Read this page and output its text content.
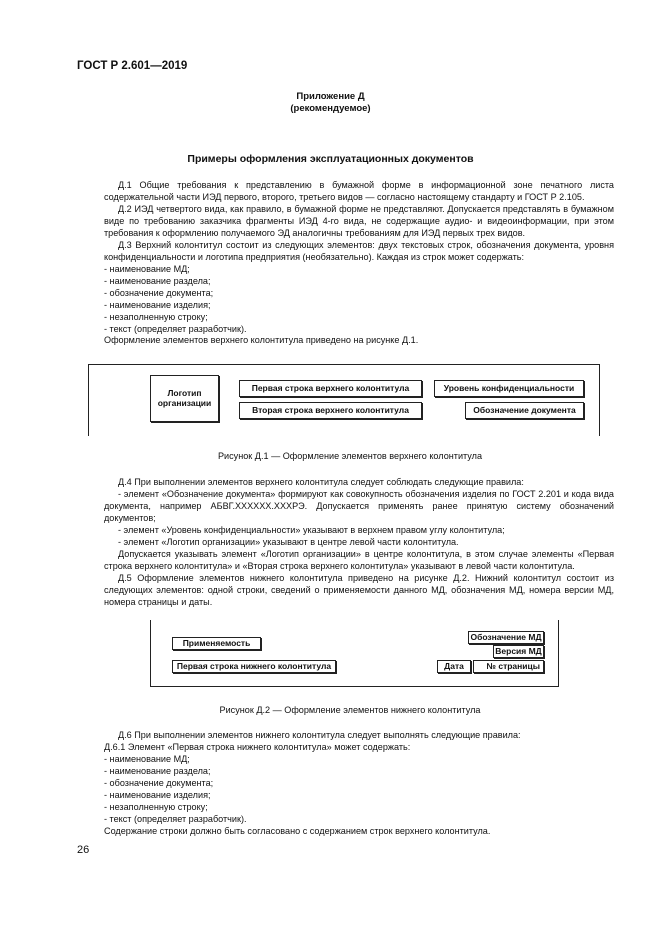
ГОСТ Р 2.601—2019
Приложение Д
(рекомендуемое)
Примеры оформления эксплуатационных документов
Д.1 Общие требования к представлению в бумажной форме в информационной зоне печатного листа содержательной части ИЭД первого, второго, третьего видов — согласно настоящему стандарту и ГОСТ Р 2.105.
Д.2 ИЭД четвертого вида, как правило, в бумажной форме не представляют. Допускается представлять в бумажном виде по требованию заказчика фрагменты ИЭД 4-го вида, не содержащие аудио- и видеоинформации, при этом требования к оформлению получаемого ЭД аналогичны требованиям для ИЭД первых трех видов.
Д.3 Верхний колонтитул состоит из следующих элементов: двух текстовых строк, обозначения документа, уровня конфиденциальности и логотипа предприятия (необязательно). Каждая из строк может содержать:
- наименование МД;
- наименование раздела;
- обозначение документа;
- наименование изделия;
- незаполненную строку;
- текст (определяет разработчик).
Оформление элементов верхнего колонтитула приведено на рисунке Д.1.
Логотип организации
Первая строка верхнего колонтитула
Вторая строка верхнего колонтитула
Уровень конфиденциальности
Обозначение документа
Рисунок Д.1 — Оформление элементов верхнего колонтитула
Д.4 При выполнении элементов верхнего колонтитула следует соблюдать следующие правила:
- элемент «Обозначение документа» формируют как совокупность обозначения изделия по ГОСТ 2.201 и кода вида документа, например АБВГ.XXXXXX.XXXРЭ. Допускается применять ранее принятую систему обозначений документов;
- элемент «Уровень конфиденциальности» указывают в верхнем правом углу колонтитула;
- элемент «Логотип организации» указывают в центре левой части колонтитула.
Допускается указывать элемент «Логотип организации» в центре колонтитула, в этом случае элементы «Первая строка верхнего колонтитула» и «Вторая строка верхнего колонтитула» указывают в левой части колонтитула.
Д.5 Оформление элементов нижнего колонтитула приведено на рисунке Д.2. Нижний колонтитул состоит из следующих элементов: одной строки, сведений о применяемости данного МД, обозначения МД, номера версии МД, номера страницы и даты.
Применяемость
Первая строка нижнего колонтитула
Обозначение МД
Версия МД
Дата	№ страницы
Рисунок Д.2 — Оформление элементов нижнего колонтитула
Д.6 При выполнении элементов нижнего колонтитула следует выполнять следующие правила:
Д.6.1 Элемент «Первая строка нижнего колонтитула» может содержать:
- наименование МД;
- наименование раздела;
- обозначение документа;
- наименование изделия;
- незаполненную строку;
- текст (определяет разработчик).
Содержание строки должно быть согласовано с содержанием строк верхнего колонтитула.
26
